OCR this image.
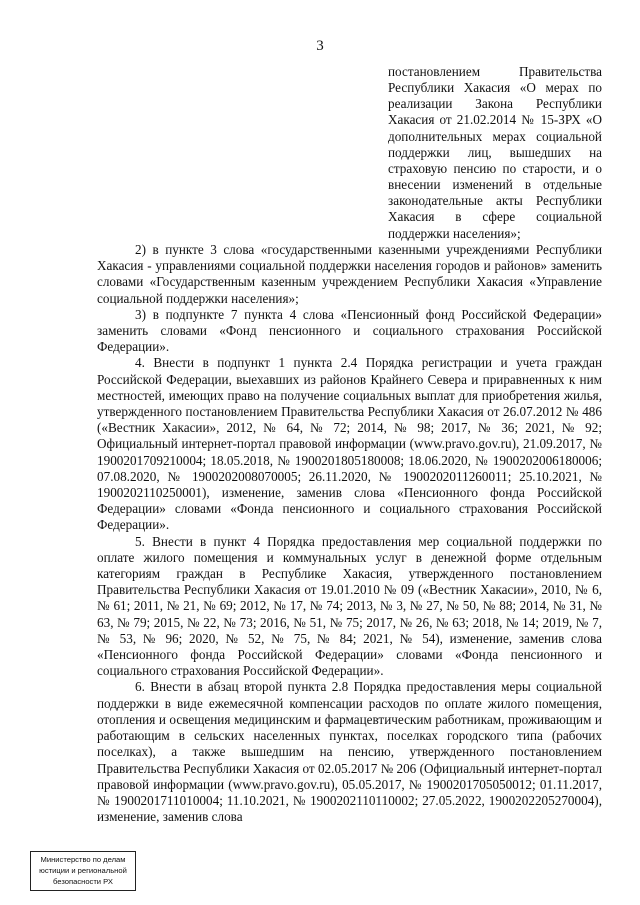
3
постановлением Правительства Республики Хакасия «О мерах по реализации Закона Республики Хакасия от 21.02.2014 № 15-ЗРХ «О дополнительных мерах социальной поддержки лиц, вышедших на страховую пенсию по старости, и о внесении изменений в отдельные законодательные акты Республики Хакасия в сфере социальной поддержки населения»;

2) в пункте 3 слова «государственными казенными учреждениями Республики Хакасия - управлениями социальной поддержки населения городов и районов» заменить словами «Государственным казенным учреждением Республики Хакасия «Управление социальной поддержки населения»;

3) в подпункте 7 пункта 4 слова «Пенсионный фонд Российской Федерации» заменить словами «Фонд пенсионного и социального страхования Российской Федерации».

4. Внести в подпункт 1 пункта 2.4 Порядка регистрации и учета граждан Российской Федерации, выехавших из районов Крайнего Севера и приравненных к ним местностей, имеющих право на получение социальных выплат для приобретения жилья, утвержденного постановлением Правительства Республики Хакасия от 26.07.2012 № 486 («Вестник Хакасии», 2012, № 64, № 72; 2014, № 98; 2017, № 36; 2021, № 92; Официальный интернет-портал правовой информации (www.pravo.gov.ru), 21.09.2017, № 1900201709210004; 18.05.2018, № 1900201805180008; 18.06.2020, № 1900202006180006; 07.08.2020, № 1900202008070005; 26.11.2020, № 1900202011260011; 25.10.2021, № 1900202110250001), изменение, заменив слова «Пенсионного фонда Российской Федерации» словами «Фонда пенсионного и социального страхования Российской Федерации».

5. Внести в пункт 4 Порядка предоставления мер социальной поддержки по оплате жилого помещения и коммунальных услуг в денежной форме отдельным категориям граждан в Республике Хакасия, утвержденного постановлением Правительства Республики Хакасия от 19.01.2010 № 09 («Вестник Хакасии», 2010, № 6, № 61; 2011, № 21, № 69; 2012, № 17, № 74; 2013, № 3, № 27, № 50, № 88; 2014, № 31, № 63, № 79; 2015, № 22, № 73; 2016, № 51, № 75; 2017, № 26, № 63; 2018, № 14; 2019, № 7, № 53, № 96; 2020, № 52, № 75, № 84; 2021, № 54), изменение, заменив слова «Пенсионного фонда Российской Федерации» словами «Фонда пенсионного и социального страхования Российской Федерации».

6. Внести в абзац второй пункта 2.8 Порядка предоставления меры социальной поддержки в виде ежемесячной компенсации расходов по оплате жилого помещения, отопления и освещения медицинским и фармацевтическим работникам, проживающим и работающим в сельских населенных пунктах, поселках городского типа (рабочих поселках), а также вышедшим на пенсию, утвержденного постановлением Правительства Республики Хакасия от 02.05.2017 № 206 (Официальный интернет-портал правовой информации (www.pravo.gov.ru), 05.05.2017, № 1900201705050012; 01.11.2017, № 1900201711010004; 11.10.2021, № 1900202110110002; 27.05.2022, 1900202205270004), изменение, заменив слова

Министерство по делам
юстиции и региональной
безопасности РХ
